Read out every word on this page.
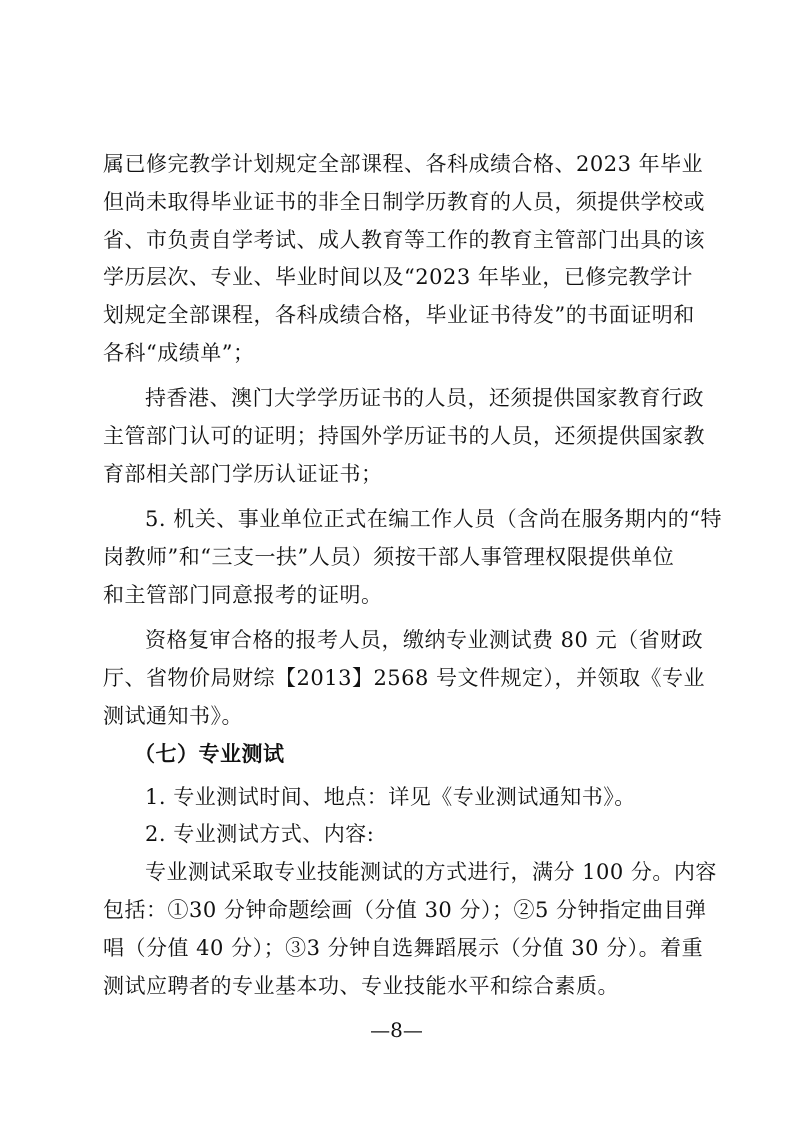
属已修完教学计划规定全部课程、各科成绩合格、2023 年毕业
但尚未取得毕业证书的非全日制学历教育的人员，须提供学校或
省、市负责自学考试、成人教育等工作的教育主管部门出具的该
学历层次、专业、毕业时间以及“2023 年毕业，已修完教学计
划规定全部课程，各科成绩合格，毕业证书待发”的书面证明和
各科“成绩单”；
持香港、澳门大学学历证书的人员，还须提供国家教育行政
主管部门认可的证明；持国外学历证书的人员，还须提供国家教
育部相关部门学历认证证书；
5. 机关、事业单位正式在编工作人员（含尚在服务期内的“特
岗教师”和“三支一扶”人员）须按干部人事管理权限提供单位
和主管部门同意报考的证明。
资格复审合格的报考人员，缴纳专业测试费 80 元（省财政
厅、省物价局财综【2013】2568 号文件规定），并领取《专业
测试通知书》。
（七）专业测试
1. 专业测试时间、地点：详见《专业测试通知书》。
2. 专业测试方式、内容:
专业测试采取专业技能测试的方式进行，满分 100 分。内容
包括：①30 分钟命题绘画（分值 30 分）；②5 分钟指定曲目弹
唱（分值 40 分）；③3 分钟自选舞蹈展示（分值 30 分）。着重
测试应聘者的专业基本功、专业技能水平和综合素质。
—8—
